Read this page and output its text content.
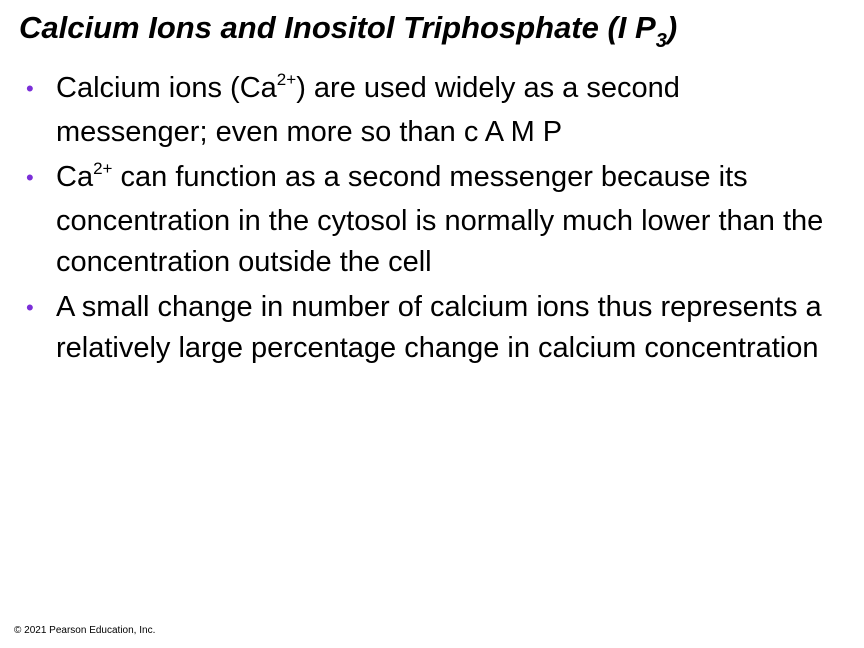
Calcium Ions and Inositol Triphosphate (I $P_3$)
• Calcium ions $(Ca^{2+})$ are used widely as a second messenger; even more so than c A M P
• $Ca^{2+}$ can function as a second messenger because its concentration in the cytosol is normally much lower than the concentration outside the cell
• A small change in number of calcium ions thus represents a relatively large percentage change in calcium concentration
© 2021 Pearson Education, Inc.
